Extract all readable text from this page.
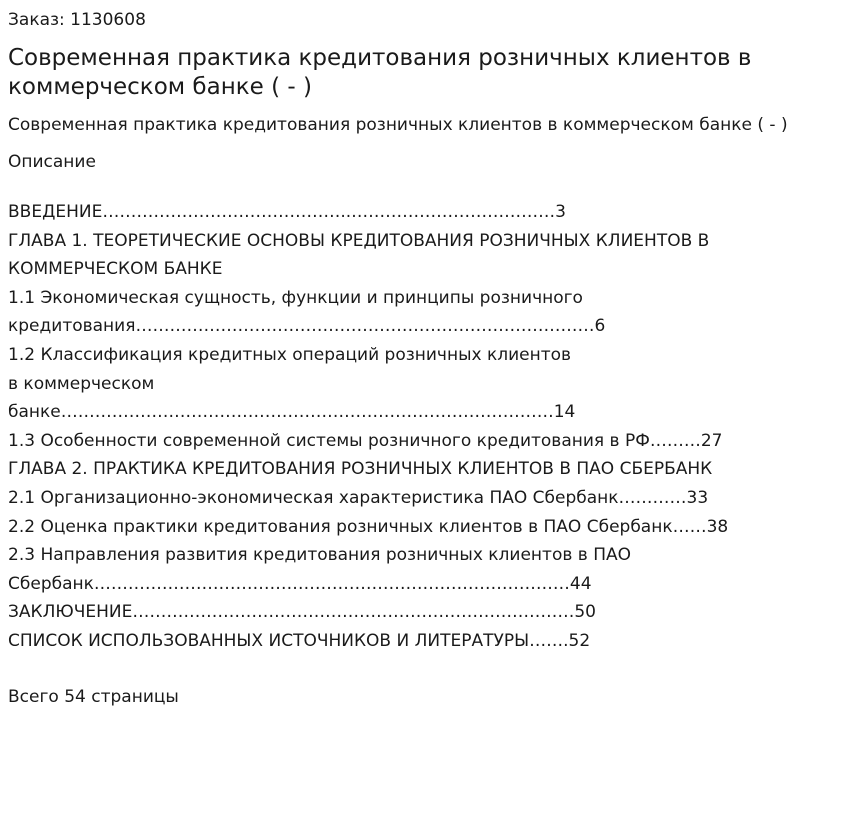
Заказ: 1130608
Современная практика кредитования розничных клиентов в коммерческом банке ( - )
Современная практика кредитования розничных клиентов в коммерческом банке ( - )
Описание
ВВЕДЕНИЕ……………………………………..………………………………3
ГЛАВА 1. ТЕОРЕТИЧЕСКИЕ ОСНОВЫ КРЕДИТОВАНИЯ РОЗНИЧНЫХ КЛИЕНТОВ В
КОММЕРЧЕСКОМ БАНКЕ
1.1 Экономическая сущность, функции и принципы розничного
кредитования………………………………………………………………………6
1.2 Классификация кредитных операций розничных клиентов
в коммерческом
банке……………………………………………………………………………14
1.3 Особенности современной системы розничного кредитования в РФ………27
ГЛАВА 2. ПРАКТИКА КРЕДИТОВАНИЯ РОЗНИЧНЫХ КЛИЕНТОВ В ПАО СБЕРБАНК
2.1 Организационно-экономическая характеристика ПАО Сбербанк…………33
2.2 Оценка практики кредитования розничных клиентов в ПАО Сбербанк……38
2.3 Направления развития кредитования розничных клиентов в ПАО
Сбербанк…………………………………………………………………………44
ЗАКЛЮЧЕНИЕ……………………………………………………………………50
СПИСОК ИСПОЛЬЗОВАННЫХ ИСТОЧНИКОВ И ЛИТЕРАТУРЫ…….52
Всего 54 страницы
